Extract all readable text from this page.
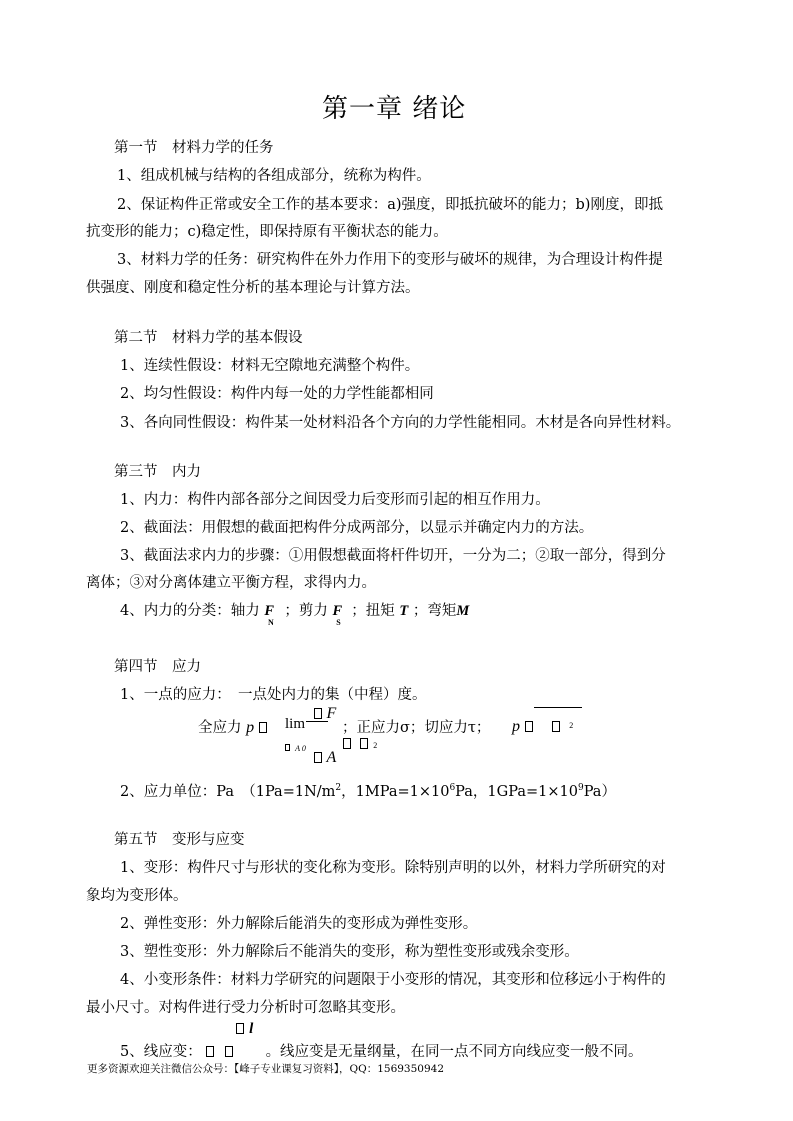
第一章 绪论
第一节　材料力学的任务
1、组成机械与结构的各组成部分，统称为构件。
2、保证构件正常或安全工作的基本要求：a)强度，即抵抗破坏的能力；b)刚度，即抵
抗变形的能力；c)稳定性，即保持原有平衡状态的能力。
3、材料力学的任务：研究构件在外力作用下的变形与破坏的规律，为合理设计构件提
供强度、刚度和稳定性分析的基本理论与计算方法。
第二节　材料力学的基本假设
1、连续性假设：材料无空隙地充满整个构件。
2、均匀性假设：构件内每一处的力学性能都相同
3、各向同性假设：构件某一处材料沿各个方向的力学性能相同。木材是各向异性材料。
第三节　内力
1、内力：构件内部各部分之间因受力后变形而引起的相互作用力。
2、截面法：用假想的截面把构件分成两部分，以显示并确定内力的方法。
3、截面法求内力的步骤：①用假想截面将杆件切开，一分为二；②取一部分，得到分
离体；③对分离体建立平衡方程，求得内力。
4、内力的分类：轴力 $F_N$ ；剪力 $F_S$ ；扭矩 T ；弯矩M
第四节　应力
1、一点的应力：　一点处内力的集（中程）度。
全应力 p	lim
A 0
F
A
2
；正应力σ；切应力τ； p	2
2、应力单位：Pa　（$1Pa=1N/m^2$，$1MPa=1\times 10^6Pa$，$1GPa=1\times 10^9Pa$）
第五节　变形与应变
1、变形：构件尺寸与形状的变化称为变形。除特别声明的以外，材料力学所研究的对
象均为变形体。
2、弹性变形：外力解除后能消失的变形成为弹性变形。
3、塑性变形：外力解除后不能消失的变形，称为塑性变形或残余变形。
4、小变形条件：材料力学研究的问题限于小变形的情况，其变形和位移远小于构件的
最小尺寸。对构件进行受力分析时可忽略其变形。
l
5、线应变：	。线应变是无量纲量，在同一点不同方向线应变一般不同。
更多资源欢迎关注微信公众号：【峰子专业课复习资料】，QQ：1569350942
